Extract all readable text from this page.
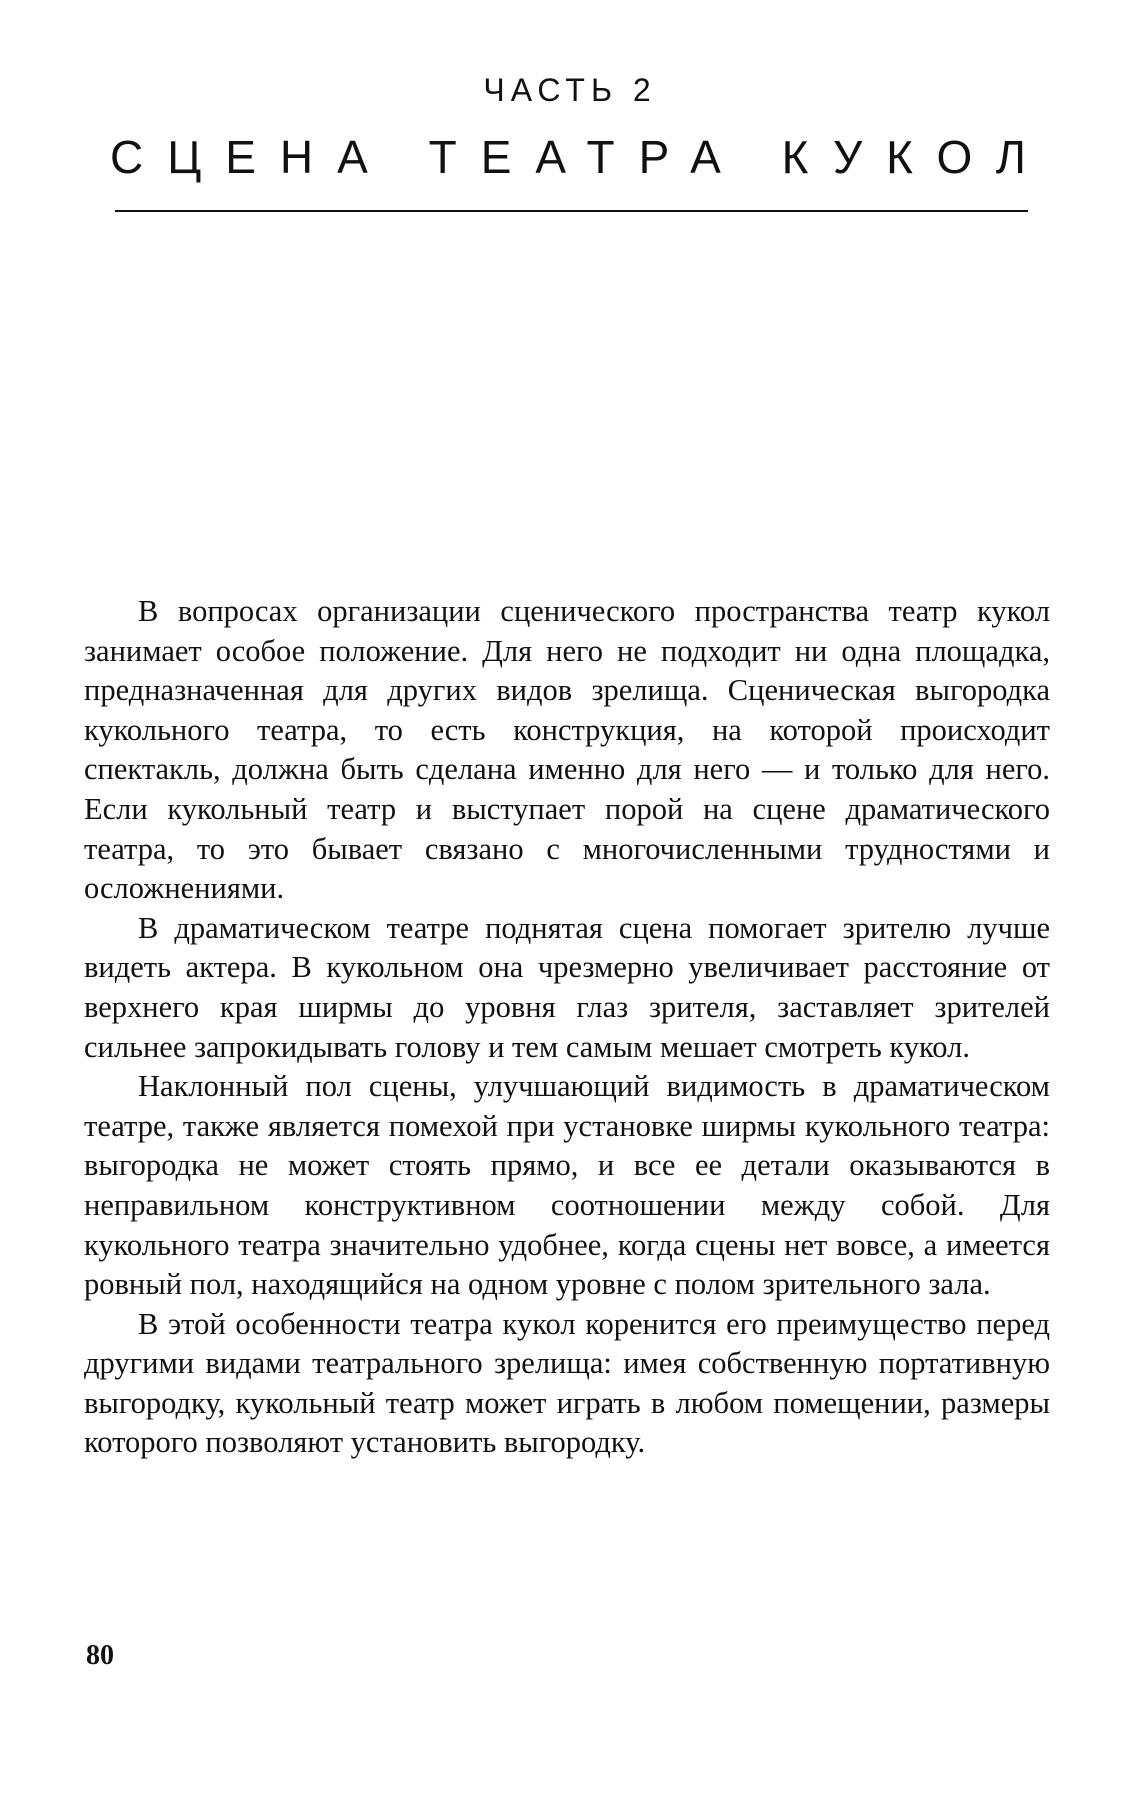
ЧАСТЬ 2
СЦЕНА ТЕАТРА КУКОЛ

В вопросах организации сценического пространства театр кукол занимает особое положение. Для него не подходит ни одна площадка, предназначенная для других видов зрелища. Сценическая выгородка кукольного театра, то есть конструкция, на которой происходит спектакль, должна быть сделана именно для него — и только для него. Если кукольный театр и выступает порой на сцене драматического театра, то это бывает связано с многочисленными трудностями и осложнениями.

В драматическом театре поднятая сцена помогает зрителю лучше видеть актера. В кукольном она чрезмерно увеличивает расстояние от верхнего края ширмы до уровня глаз зрителя, заставляет зрителей сильнее запрокидывать голову и тем самым мешает смотреть кукол.

Наклонный пол сцены, улучшающий видимость в драматическом театре, также является помехой при установке ширмы кукольного театра: выгородка не может стоять прямо, и все ее детали оказываются в неправильном конструктивном соотношении между собой. Для кукольного театра значительно удобнее, когда сцены нет вовсе, а имеется ровный пол, находящийся на одном уровне с полом зрительного зала.

В этой особенности театра кукол коренится его преимущество перед другими видами театрального зрелища: имея собственную портативную выгородку, кукольный театр может играть в любом помещении, размеры которого позволяют установить выгородку.

80
